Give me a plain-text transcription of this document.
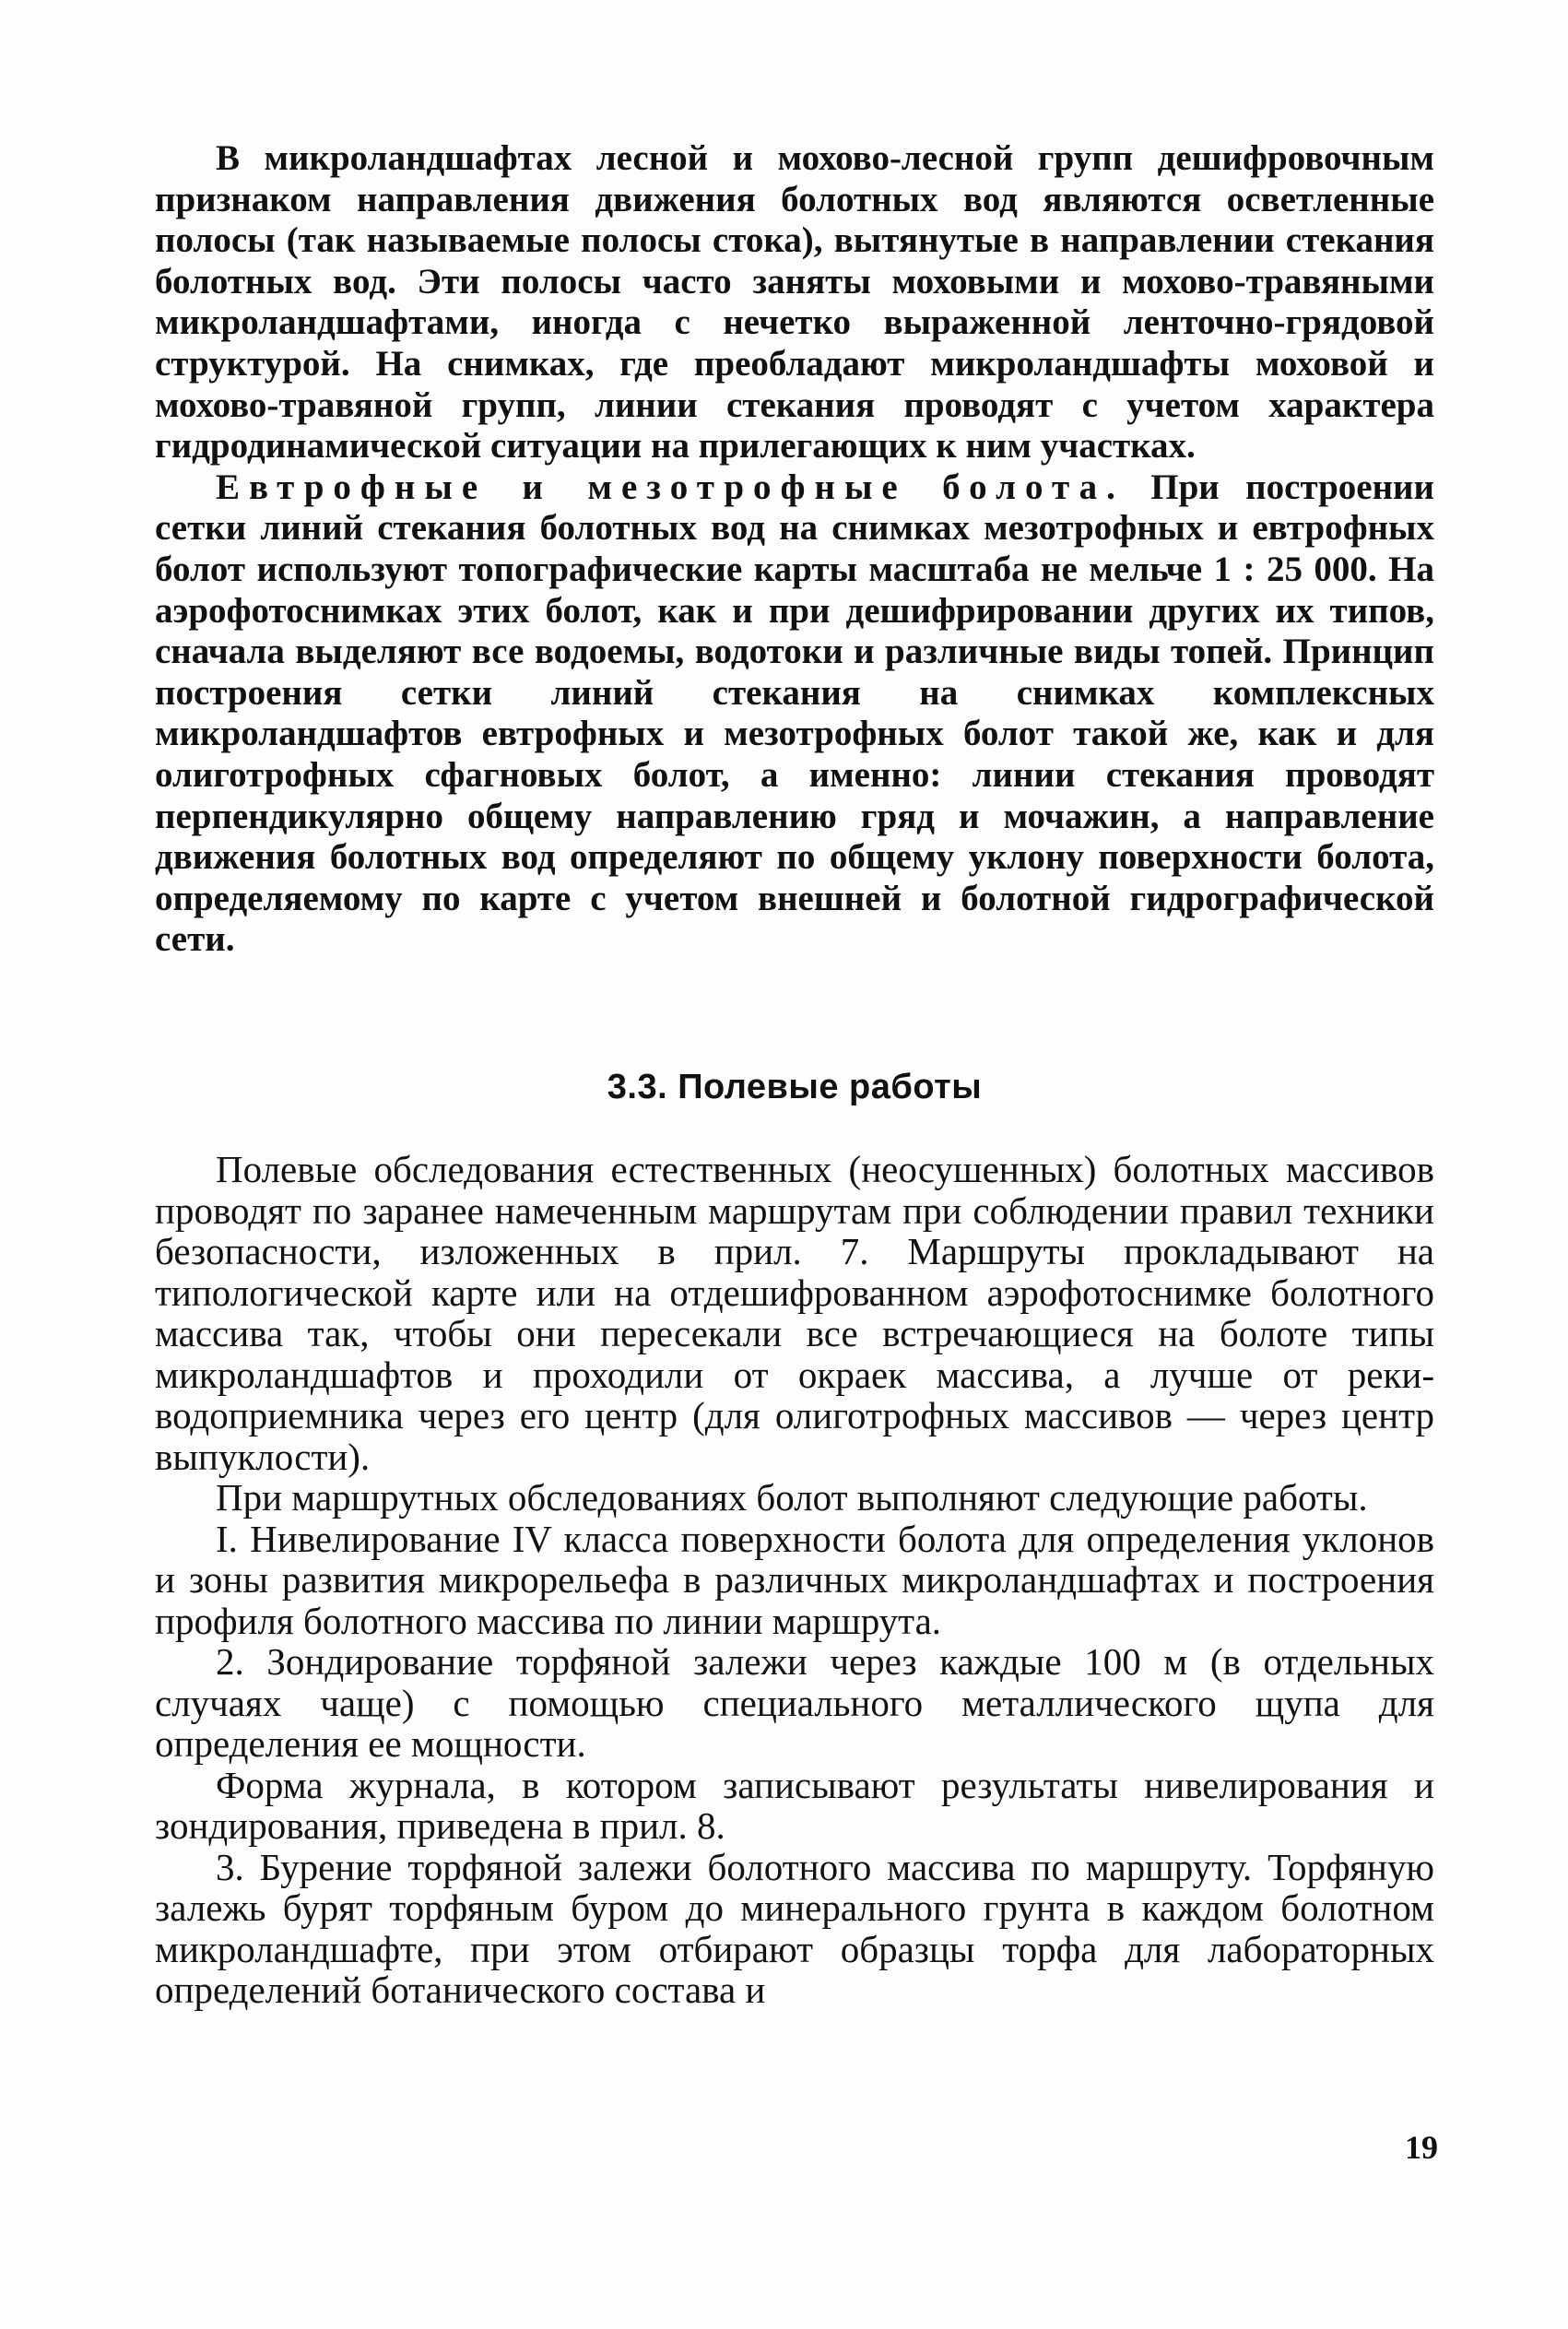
В микроландшафтах лесной и мохово-лесной групп дешифровочным признаком направления движения болотных вод являются осветленные полосы (так называемые полосы стока), вытянутые в направлении стекания болотных вод. Эти полосы часто заняты моховыми и мохово-травяными микроландшафтами, иногда с нечетко выраженной ленточно-грядовой структурой. На снимках, где преобладают микроландшафты моховой и мохово-травяной групп, линии стекания проводят с учетом характера гидродинамической ситуации на прилегающих к ним участках.

Евтрофные и мезотрофные болота. При построении сетки линий стекания болотных вод на снимках мезотрофных и евтрофных болот используют топографические карты масштаба не мельче 1 : 25 000. На аэрофотоснимках этих болот, как и при дешифрировании других их типов, сначала выделяют все водоемы, водотоки и различные виды топей. Принцип построения сетки линий стекания на снимках комплексных микроландшафтов евтрофных и мезотрофных болот такой же, как и для олиготрофных сфагновых болот, а именно: линии стекания проводят перпендикулярно общему направлению гряд и мочажин, а направление движения болотных вод определяют по общему уклону поверхности болота, определяемому по карте с учетом внешней и болотной гидрографической сети.

3.3. Полевые работы

Полевые обследования естественных (неосушенных) болотных массивов проводят по заранее намеченным маршрутам при соблюдении правил техники безопасности, изложенных в прил. 7. Маршруты прокладывают на типологической карте или на отдешифрованном аэрофотоснимке болотного массива так, чтобы они пересекали все встречающиеся на болоте типы микроландшафтов и проходили от окраек массива, а лучше от реки-водоприемника через его центр (для олиготрофных массивов — через центр выпуклости).

При маршрутных обследованиях болот выполняют следующие работы.

I. Нивелирование IV класса поверхности болота для определения уклонов и зоны развития микрорельефа в различных микроландшафтах и построения профиля болотного массива по линии маршрута.

2. Зондирование торфяной залежи через каждые 100 м (в отдельных случаях чаще) с помощью специального металлического щупа для определения ее мощности.

Форма журнала, в котором записывают результаты нивелирования и зондирования, приведена в прил. 8.

3. Бурение торфяной залежи болотного массива по маршруту. Торфяную залежь бурят торфяным буром до минерального грунта в каждом болотном микроландшафте, при этом отбирают образцы торфа для лабораторных определений ботанического состава и

19
